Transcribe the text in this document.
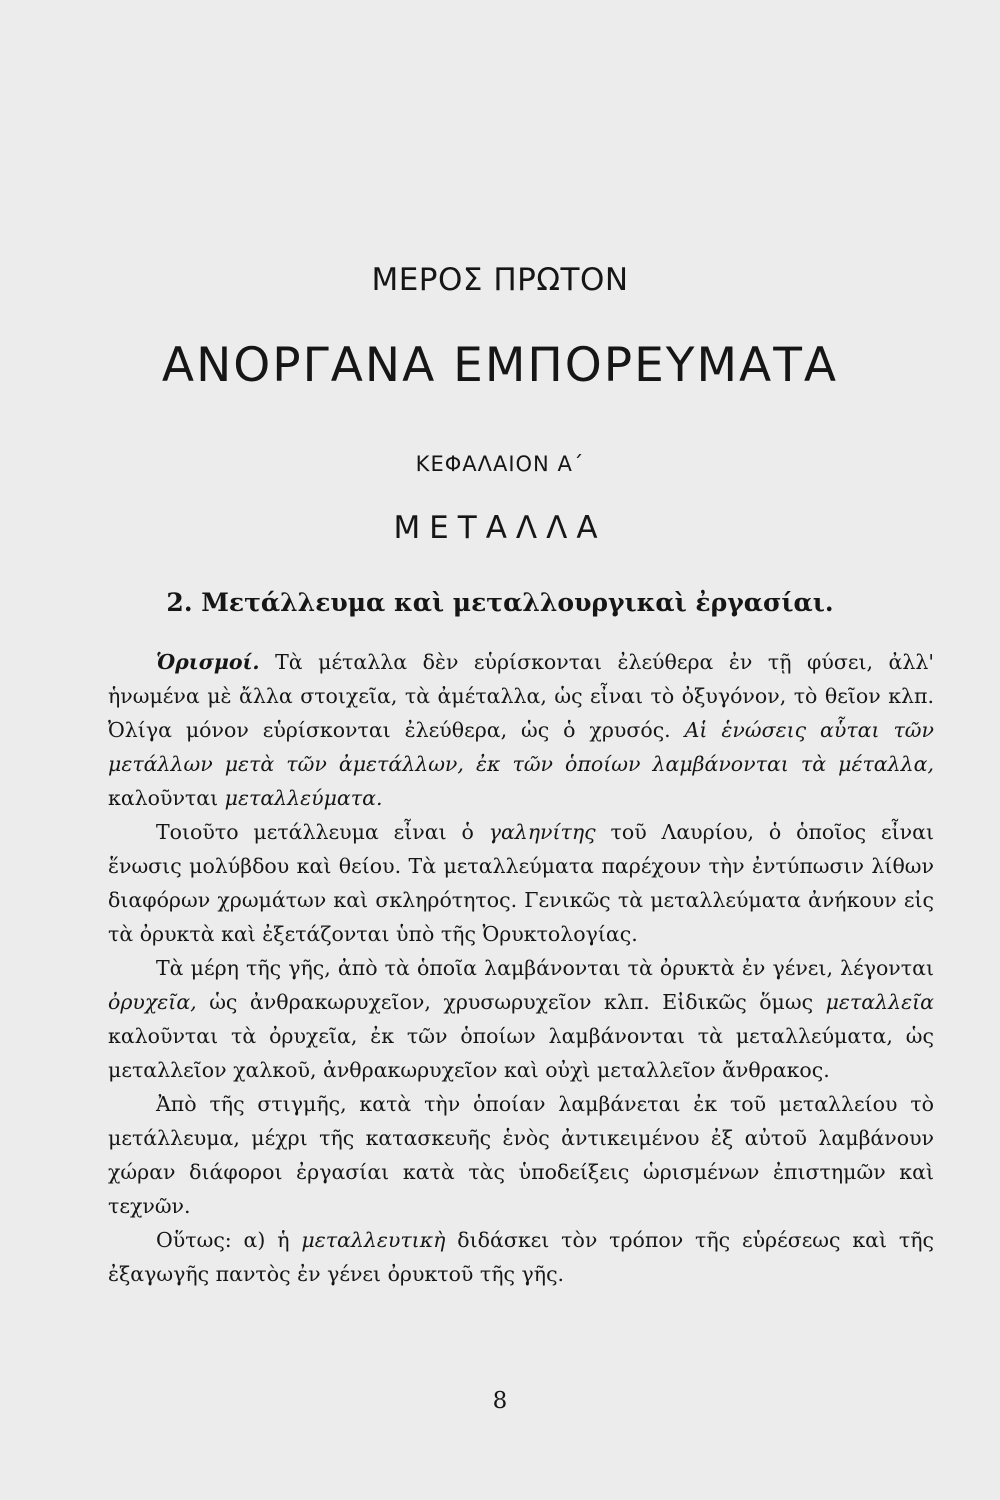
ΜΕΡΟΣ ΠΡΩΤΟΝ
ΑΝΟΡΓΑΝΑ ΕΜΠΟΡΕΥΜΑΤΑ
ΚΕΦΑΛΑΙΟΝ Α΄
ΜΕΤΑΛΛΑ
2. Μετάλλευμα καὶ μεταλλουργικαὶ ἐργασίαι.

Ὁρισμοί. Τὰ μέταλλα δὲν εὑρίσκονται ἐλεύθερα ἐν τῇ φύσει, ἀλλ' ἡνωμένα μὲ ἄλλα στοιχεῖα, τὰ ἀμέταλλα, ὡς εἶναι τὸ ὀξυγόνον, τὸ θεῖον κλπ. Ὀλίγα μόνον εὑρίσκονται ἐλεύθερα, ὡς ὁ χρυσός. Αἱ ἑνώσεις αὗται τῶν μετάλλων μετὰ τῶν ἀμετάλλων, ἐκ τῶν ὁποίων λαμβάνονται τὰ μέταλλα, καλοῦνται μεταλλεύματα.

Τοιοῦτο μετάλλευμα εἶναι ὁ γαληνίτης τοῦ Λαυρίου, ὁ ὁποῖος εἶναι ἕνωσις μολύβδου καὶ θείου. Τὰ μεταλλεύματα παρέχουν τὴν ἐντύπωσιν λίθων διαφόρων χρωμάτων καὶ σκληρότητος. Γενικῶς τὰ μεταλλεύματα ἀνήκουν εἰς τὰ ὀρυκτὰ καὶ ἐξετάζονται ὑπὸ τῆς Ὀρυκτολογίας.

Τὰ μέρη τῆς γῆς, ἀπὸ τὰ ὁποῖα λαμβάνονται τὰ ὀρυκτὰ ἐν γένει, λέγονται ὀρυχεῖα, ὡς ἀνθρακωρυχεῖον, χρυσωρυχεῖον κλπ. Εἰδικῶς ὅμως μεταλλεῖα καλοῦνται τὰ ὀρυχεῖα, ἐκ τῶν ὁποίων λαμβάνονται τὰ μεταλλεύματα, ὡς μεταλλεῖον χαλκοῦ, ἀνθρακωρυχεῖον καὶ οὐχὶ μεταλλεῖον ἄνθρακος.

Ἀπὸ τῆς στιγμῆς, κατὰ τὴν ὁποίαν λαμβάνεται ἐκ τοῦ μεταλλείου τὸ μετάλλευμα, μέχρι τῆς κατασκευῆς ἑνὸς ἀντικειμένου ἐξ αὐτοῦ λαμβάνουν χώραν διάφοροι ἐργασίαι κατὰ τὰς ὑποδείξεις ὡρισμένων ἐπιστημῶν καὶ τεχνῶν.

Οὕτως: α) ἡ μεταλλευτικὴ διδάσκει τὸν τρόπον τῆς εὑρέσεως καὶ τῆς ἐξαγωγῆς παντὸς ἐν γένει ὀρυκτοῦ τῆς γῆς.

8
